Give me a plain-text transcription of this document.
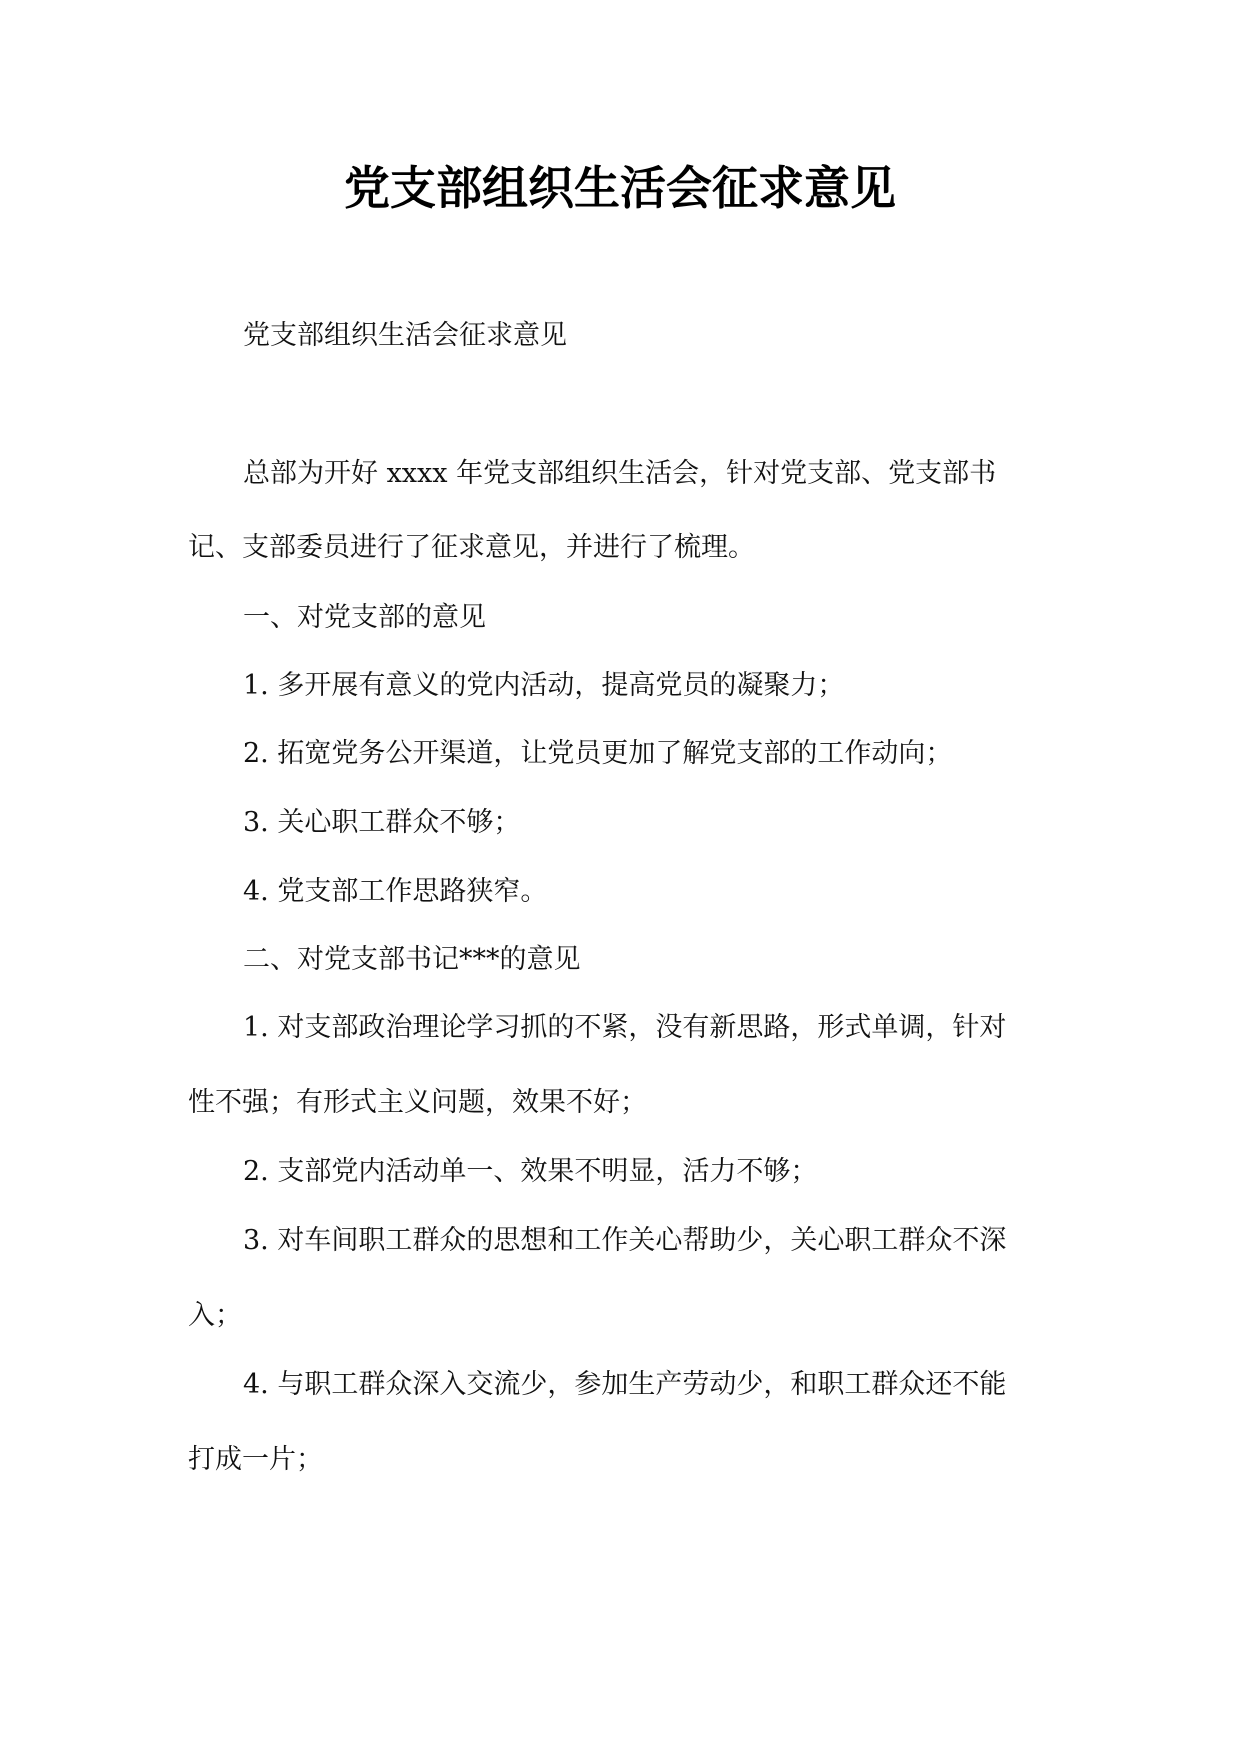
党支部组织生活会征求意见

党支部组织生活会征求意见

总部为开好 xxxx 年党支部组织生活会，针对党支部、党支部书

记、支部委员进行了征求意见，并进行了梳理。

一、对党支部的意见

1. 多开展有意义的党内活动，提高党员的凝聚力；

2. 拓宽党务公开渠道，让党员更加了解党支部的工作动向；

3. 关心职工群众不够；

4. 党支部工作思路狭窄。

二、对党支部书记***的意见

1. 对支部政治理论学习抓的不紧，没有新思路，形式单调，针对

性不强；有形式主义问题，效果不好；

2. 支部党内活动单一、效果不明显，活力不够；

3. 对车间职工群众的思想和工作关心帮助少，关心职工群众不深

入；

4. 与职工群众深入交流少，参加生产劳动少，和职工群众还不能

打成一片；
